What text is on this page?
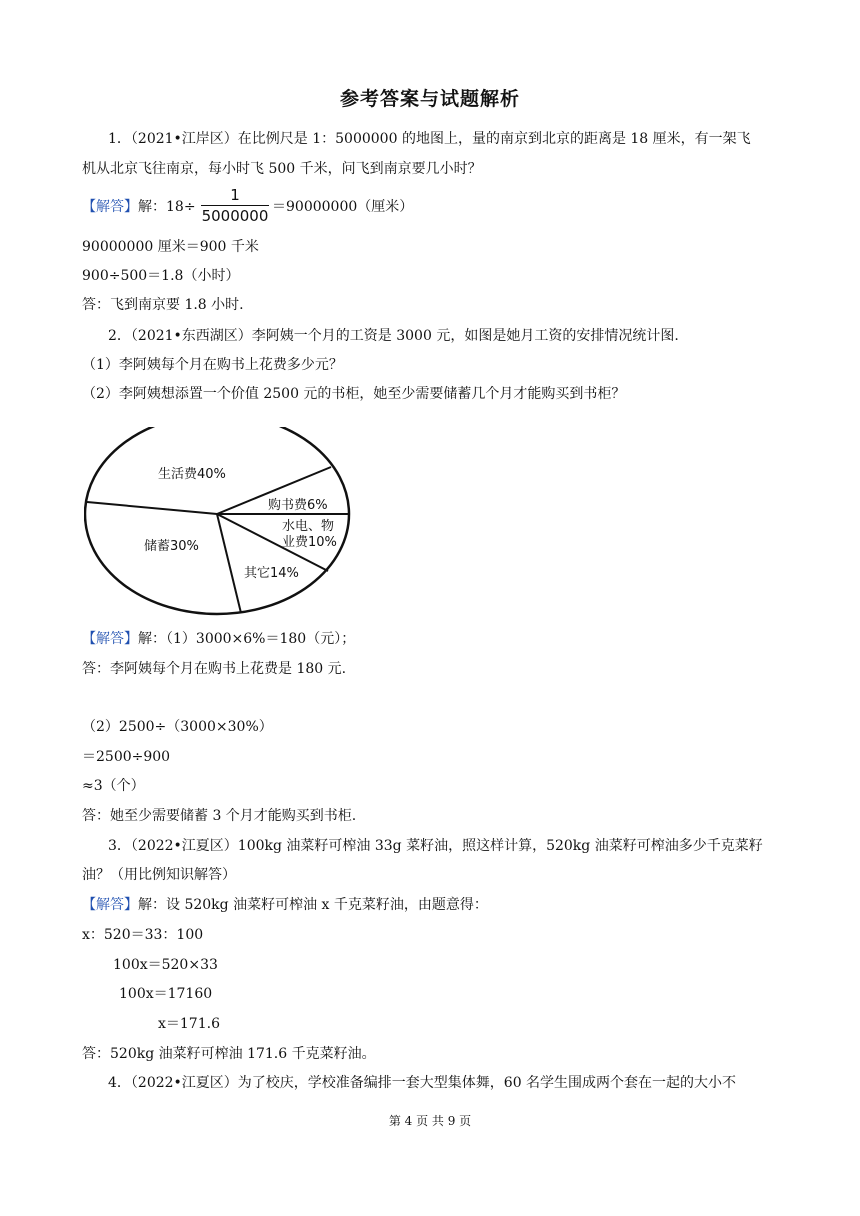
参考答案与试题解析
1．（2021•江岸区）在比例尺是 1：5000000 的地图上，量的南京到北京的距离是 18 厘米，有一架飞
机从北京飞往南京，每小时飞 500 千米，问飞到南京要几小时？
【解答】解：18÷
1
5000000 ＝90000000（厘米）
90000000 厘米＝900 千米
900÷500＝1.8（小时）
答：飞到南京要 1.8 小时.
2．（2021•东西湖区）李阿姨一个月的工资是 3000 元，如图是她月工资的安排情况统计图.
（1）李阿姨每个月在购书上花费多少元？
（2）李阿姨想添置一个价值 2500 元的书柜，她至少需要储蓄几个月才能购买到书柜？
生活费40%
购书费6%
水电、物
业费10%
储蓄30%
其它14%
【解答】解：（1）3000×6%＝180（元）；
答：李阿姨每个月在购书上花费是 180 元.
（2）2500÷（3000×30%）
＝2500÷900
≈3（个）
答：她至少需要储蓄 3 个月才能购买到书柜.
3．（2022•江夏区）100kg 油菜籽可榨油 33g 菜籽油，照这样计算，520kg 油菜籽可榨油多少千克菜籽
油？（用比例知识解答）
【解答】解：设 520kg 油菜籽可榨油 x 千克菜籽油，由题意得：
x：520＝33：100
100x＝520×33
100x＝17160
x＝171.6
答：520kg 油菜籽可榨油 171.6 千克菜籽油。
4．（2022•江夏区）为了校庆，学校准备编排一套大型集体舞，60 名学生围成两个套在一起的大小不
第 4 页 共 9 页
